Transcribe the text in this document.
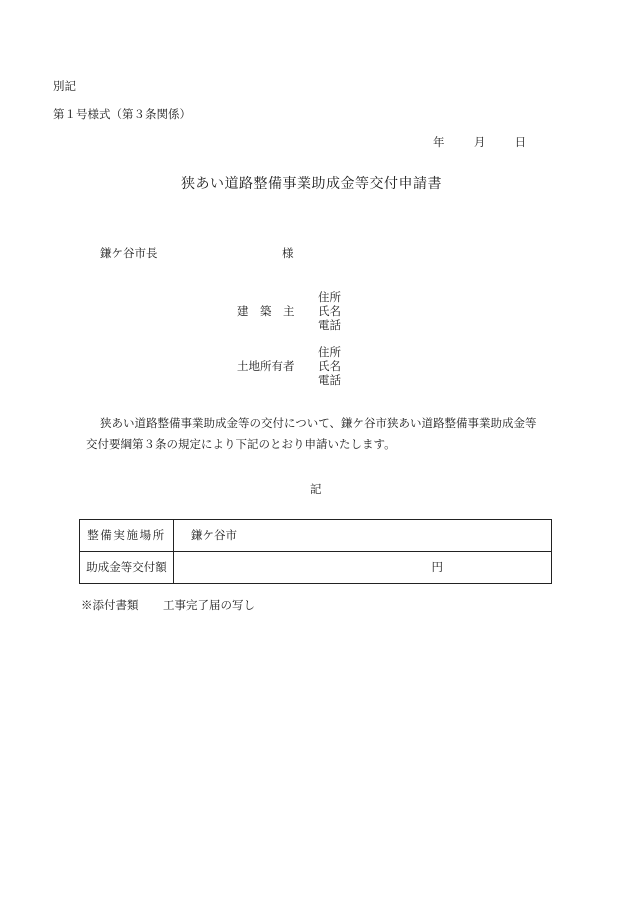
別記
第１号様式（第３条関係）
年	月	日
狭あい道路整備事業助成金等交付申請書
鎌ケ谷市長	様
建　築　主
住所
氏名
電話
土地所有者
住所
氏名
電話
狭あい道路整備事業助成金等の交付について、鎌ケ谷市狭あい道路整備事業助成金等
交付要綱第３条の規定により下記のとおり申請いたします。
記
整備実施場所	鎌ケ谷市
助成金等交付額	円
※添付書類 工事完了届の写し
